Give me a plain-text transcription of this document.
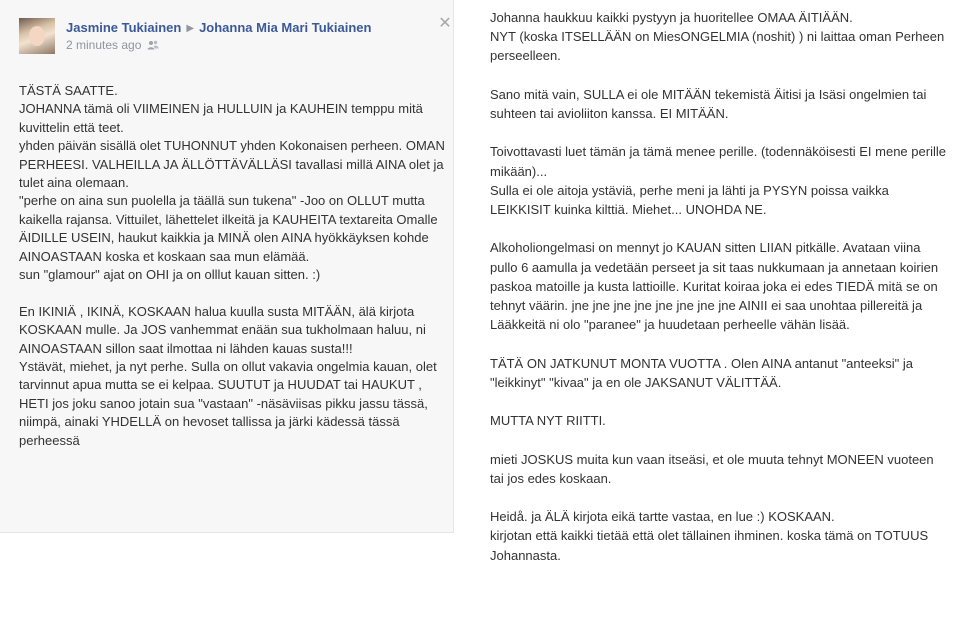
Jasmine Tukiainen ▶ Johanna Mia Mari Tukiainen
2 minutes ago
✕

TÄSTÄ SAATTE.
JOHANNA tämä oli VIIMEINEN ja HULLUIN ja KAUHEIN temppu mitä kuvittelin että teet.
yhden päivän sisällä olet TUHONNUT yhden Kokonaisen perheen. OMAN PERHEESI. VALHEILLA JA ÄLLÖTTÄVÄLLÄSI tavallasi millä AINA olet ja tulet aina olemaan.
"perhe on aina sun puolella ja täällä sun tukena" -Joo on OLLUT mutta kaikella rajansa. Vittuilet, lähettelet ilkeitä ja KAUHEITA textareita Omalle ÄIDILLE USEIN, haukut kaikkia ja MINÄ olen AINA hyökkäyksen kohde AINOASTAAN koska et koskaan saa mun elämää.
sun "glamour" ajat on OHI ja on olllut kauan sitten. :)

En IKINIÄ , IKINÄ, KOSKAAN halua kuulla susta MITÄÄN, älä kirjota KOSKAAN mulle. Ja JOS vanhemmat enään sua tukholmaan haluu, ni AINOASTAAN sillon saat ilmottaa ni lähden kauas susta!!!
Ystävät, miehet, ja nyt perhe. Sulla on ollut vakavia ongelmia kauan, olet tarvinnut apua mutta se ei kelpaa. SUUTUT ja HUUDAT tai HAUKUT , HETI jos joku sanoo jotain sua "vastaan" -näsäviisas pikku jassu tässä, niimpä, ainaki YHDELLÄ on hevoset tallissa ja järki kädessä tässä perheessä

Johanna haukkuu kaikki pystyyn ja huoritellee OMAA ÄITIÄÄN.
NYT (koska ITSELLÄÄN on MiesONGELMIA (noshit) ) ni laittaa oman Perheen perseelleen.

Sano mitä vain, SULLA ei ole MITÄÄN tekemistä Äitisi ja Isäsi ongelmien tai suhteen tai avioliiton kanssa. EI MITÄÄN.

Toivottavasti luet tämän ja tämä menee perille. (todennäköisesti EI mene perille mikään)...
Sulla ei ole aitoja ystäviä, perhe meni ja lähti ja PYSYN poissa vaikka LEIKKISIT kuinka kilttiä. Miehet... UNOHDA NE.

Alkoholiongelmasi on mennyt jo KAUAN sitten LIIAN pitkälle. Avataan viina pullo 6 aamulla ja vedetään perseet ja sit taas nukkumaan ja annetaan koirien paskoa matoille ja kusta lattioille. Kuritat koiraa joka ei edes TIEDÄ mitä se on tehnyt väärin. jne jne jne jne jne jne jne jne AINII ei saa unohtaa pillereitä ja Lääkkeitä ni olo "paranee" ja huudetaan perheelle vähän lisää.

TÄTÄ ON JATKUNUT MONTA VUOTTA . Olen AINA antanut "anteeksi" ja "leikkinyt" "kivaa" ja en ole JAKSANUT VÄLITTÄÄ.

MUTTA NYT RIITTI.

mieti JOSKUS muita kun vaan itseäsi, et ole muuta tehnyt MONEEN vuoteen tai jos edes koskaan.

Heidå. ja ÄLÄ kirjota eikä tartte vastaa, en lue :) KOSKAAN.
kirjotan että kaikki tietää että olet tällainen ihminen. koska tämä on TOTUUS Johannasta.
